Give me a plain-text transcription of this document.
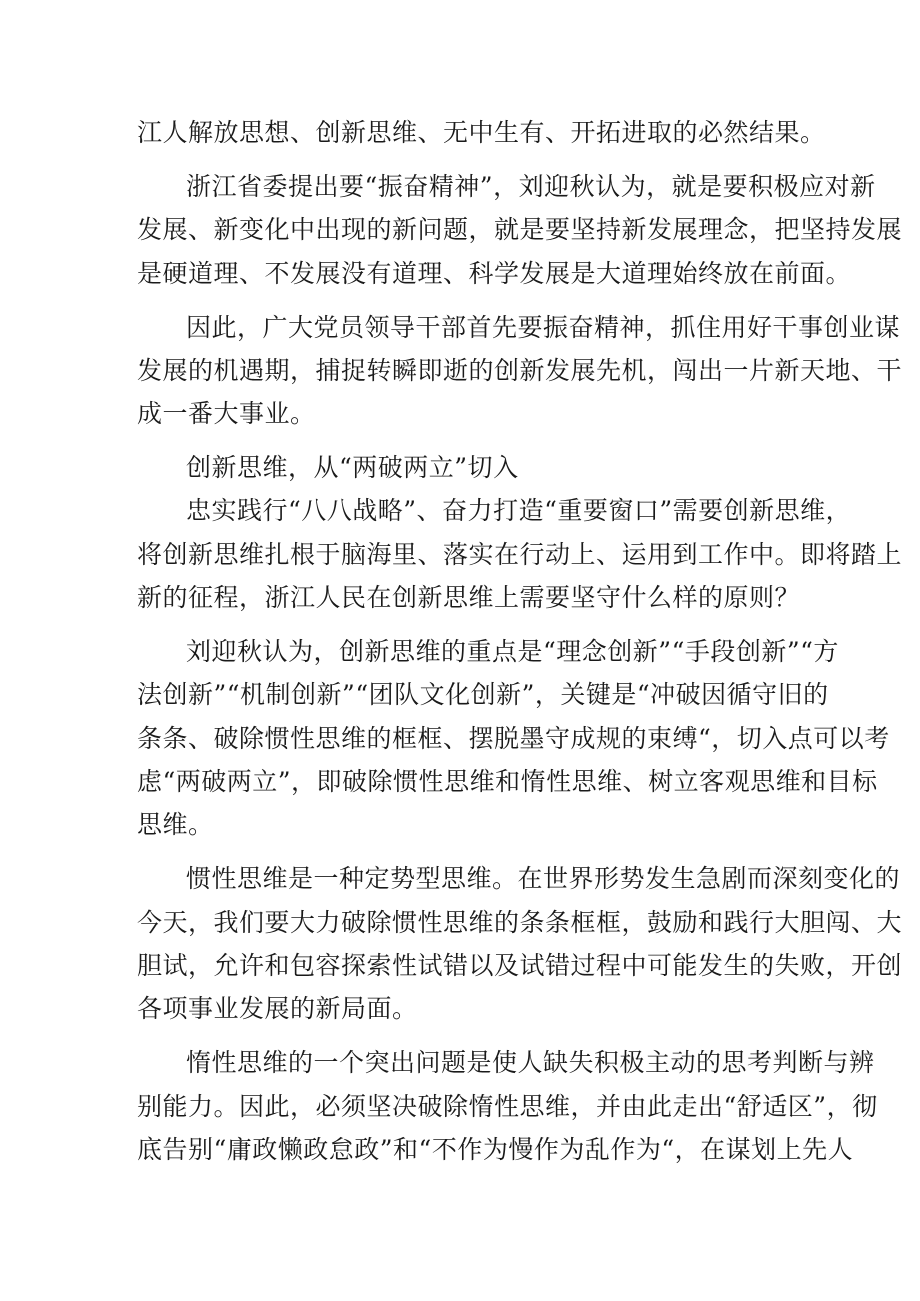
江人解放思想、创新思维、无中生有、开拓进取的必然结果。
浙江省委提出要“振奋精神”，刘迎秋认为，就是要积极应对新
发展、新变化中出现的新问题，就是要坚持新发展理念，把坚持发展
是硬道理、不发展没有道理、科学发展是大道理始终放在前面。
因此，广大党员领导干部首先要振奋精神，抓住用好干事创业谋
发展的机遇期，捕捉转瞬即逝的创新发展先机，闯出一片新天地、干
成一番大事业。
创新思维，从“两破两立”切入
忠实践行“八八战略”、奋力打造“重要窗口”需要创新思维，
将创新思维扎根于脑海里、落实在行动上、运用到工作中。即将踏上
新的征程，浙江人民在创新思维上需要坚守什么样的原则？
刘迎秋认为，创新思维的重点是“理念创新”“手段创新”“方
法创新”“机制创新”“团队文化创新”，关键是“冲破因循守旧的
条条、破除惯性思维的框框、摆脱墨守成规的束缚“，切入点可以考
虑“两破两立”，即破除惯性思维和惰性思维、树立客观思维和目标
思维。
惯性思维是一种定势型思维。在世界形势发生急剧而深刻变化的
今天，我们要大力破除惯性思维的条条框框，鼓励和践行大胆闯、大
胆试，允许和包容探索性试错以及试错过程中可能发生的失败，开创
各项事业发展的新局面。
惰性思维的一个突出问题是使人缺失积极主动的思考判断与辨
别能力。因此，必须坚决破除惰性思维，并由此走出“舒适区”，彻
底告别“庸政懒政怠政”和“不作为慢作为乱作为“，在谋划上先人
